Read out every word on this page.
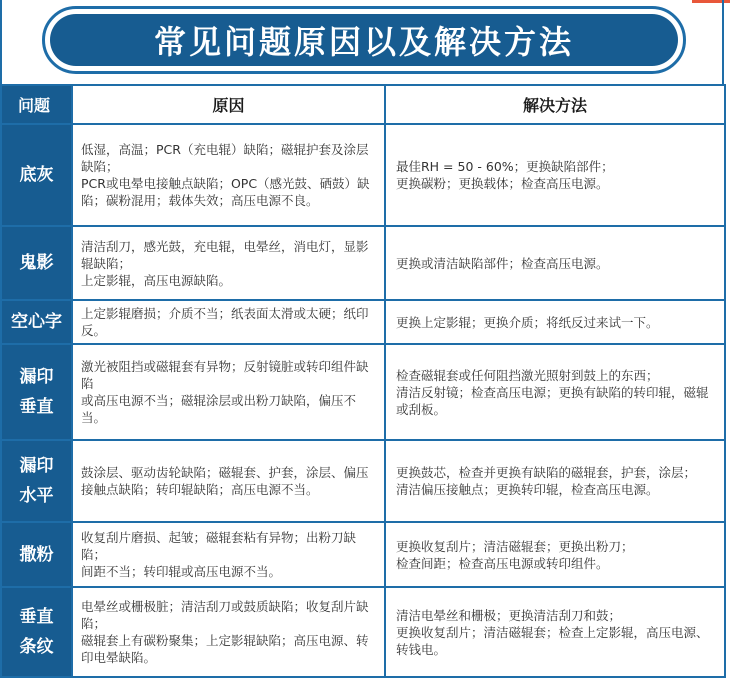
常见问题原因以及解决方法
问题	原因	解决方法

底灰	低湿，高温；PCR（充电辊）缺陷；磁辊护套及涂层缺陷；
PCR或电晕电接触点缺陷；OPC（感光鼓、硒鼓）缺陷；碳粉混用；载体失效；高压电源不良。	最佳RH = 50 - 60%；更换缺陷部件；
更换碳粉；更换载体；检查高压电源。

鬼影	清洁刮刀，感光鼓，充电辊，电晕丝，消电灯，显影辊缺陷；
上定影辊，高压电源缺陷。	更换或清洁缺陷部件；检查高压电源。

空心字	上定影辊磨损；介质不当；纸表面太滑或太硬；纸印反。	更换上定影辊；更换介质；将纸反过来试一下。

漏印
垂直	激光被阻挡或磁辊套有异物；反射镜脏或转印组件缺陷
或高压电源不当；磁辊涂层或出粉刀缺陷，偏压不当。	检查磁辊套或任何阻挡激光照射到鼓上的东西；
清洁反射镜；检查高压电源；更换有缺陷的转印辊，磁辊或刮板。

漏印
水平	鼓涂层、驱动齿轮缺陷；磁辊套、护套，涂层、偏压
接触点缺陷；转印辊缺陷；高压电源不当。	更换鼓芯，检查并更换有缺陷的磁辊套，护套，涂层；
清洁偏压接触点；更换转印辊，检查高压电源。

撒粉	收复刮片磨损、起皱；磁辊套粘有异物；出粉刀缺陷；
间距不当；转印辊或高压电源不当。	更换收复刮片；清洁磁辊套；更换出粉刀；
检查间距；检查高压电源或转印组件。

垂直
条纹	电晕丝或栅极脏；清洁刮刀或鼓质缺陷；收复刮片缺陷；
磁辊套上有碳粉聚集；上定影辊缺陷；高压电源、转印电晕缺陷。	清洁电晕丝和栅极；更换清洁刮刀和鼓；
更换收复刮片；清洁磁辊套；检查上定影辊，高压电源、转钱电。
